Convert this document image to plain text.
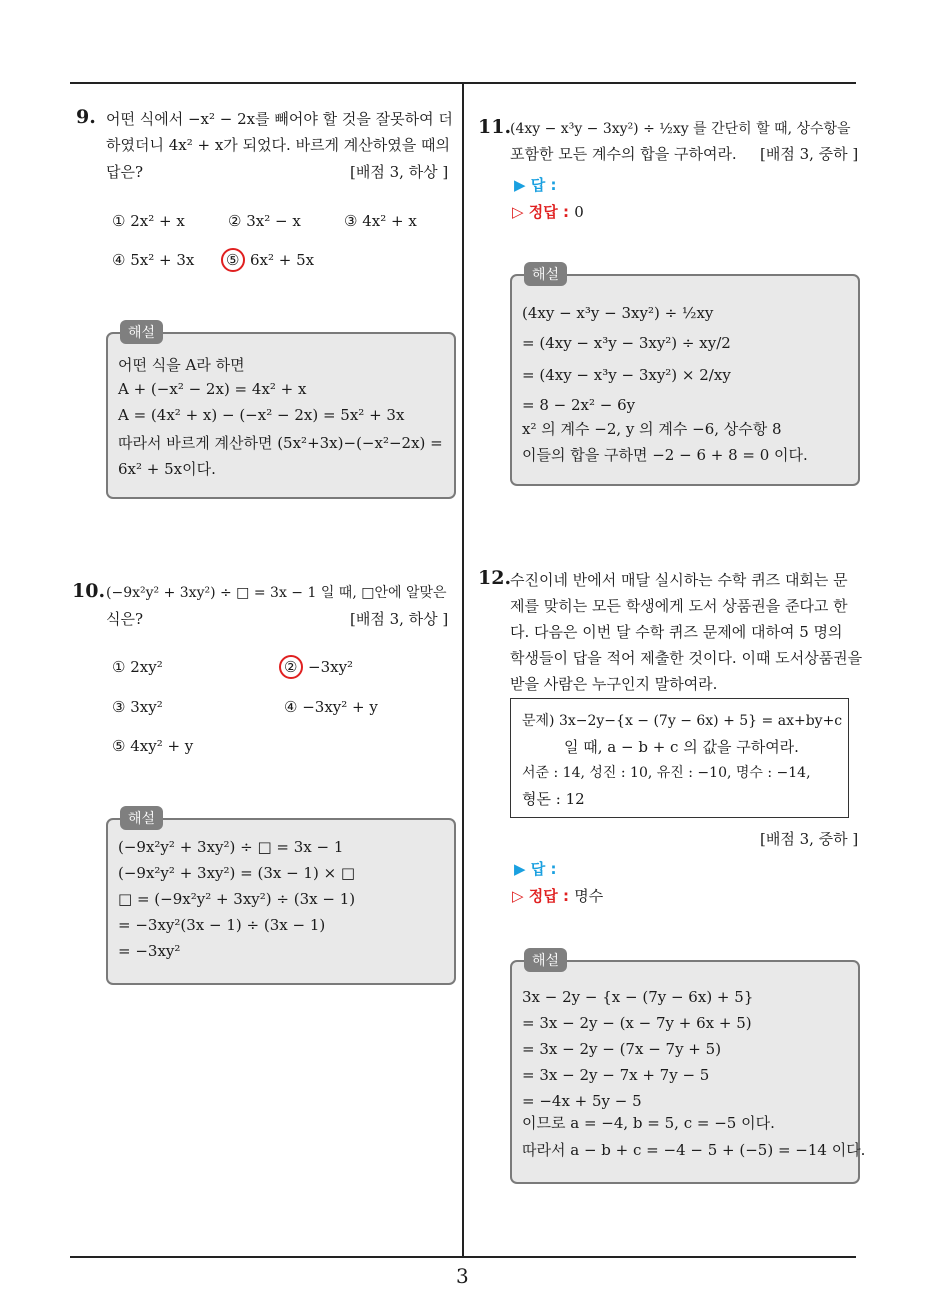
3
9. 어떤 식에서 −x² − 2x를 빼어야 할 것을 잘못하여 더
하였더니 4x² + x가 되었다. 바르게 계산하였을 때의
답은?	[배점 3, 하상 ]
① 2x² + x	② 3x² − x	③ 4x² + x
④ 5x² + 3x ⑤ 6x² + 5x
해설
어떤 식을 A라 하면
A + (−x² − 2x) = 4x² + x
A = (4x² + x) − (−x² − 2x) = 5x² + 3x
따라서 바르게 계산하면 (5x²+3x)−(−x²−2x) =
6x² + 5x이다.
10. (−9x²y² + 3xy²) ÷ □ = 3x − 1 일 때, □안에 알맞은
식은?	[배점 3, 하상 ]
① 2xy²	② −3xy²
③ 3xy²	④ −3xy² + y
⑤ 4xy² + y
해설
(−9x²y² + 3xy²) ÷ □ = 3x − 1
(−9x²y² + 3xy²) = (3x − 1) × □
□ = (−9x²y² + 3xy²) ÷ (3x − 1)
= −3xy²(3x − 1) ÷ (3x − 1)
= −3xy²
11.
(4xy − x³y − 3xy²) ÷ ½xy 를 간단히 할 때, 상수항을
포함한 모든 계수의 합을 구하여라. [배점 3, 중하 ]
▶ 답 :
▷ 정답 : 0
해설
(4xy − x³y − 3xy²) ÷ ½xy
= (4xy − x³y − 3xy²) ÷ xy/2
= (4xy − x³y − 3xy²) × 2/xy
= 8 − 2x² − 6y
x² 의 계수 −2, y 의 계수 −6, 상수항 8
이들의 합을 구하면 −2 − 6 + 8 = 0 이다.
12.
수진이네 반에서 매달 실시하는 수학 퀴즈 대회는 문
제를 맞히는 모든 학생에게 도서 상품권을 준다고 한
다. 다음은 이번 달 수학 퀴즈 문제에 대하여 5 명의
학생들이 답을 적어 제출한 것이다. 이때 도서상품권을
받을 사람은 누구인지 말하여라.
문제) 3x−2y−{x − (7y − 6x) + 5} = ax+by+c
일 때, a − b + c 의 값을 구하여라.
서준 : 14, 성진 : 10, 유진 : −10, 명수 : −14,
형돈 : 12
[배점 3, 중하 ]
▶ 답 :
▷ 정답 : 명수
해설
3x − 2y − {x − (7y − 6x) + 5}
= 3x − 2y − (x − 7y + 6x + 5)
= 3x − 2y − (7x − 7y + 5)
= 3x − 2y − 7x + 7y − 5
= −4x + 5y − 5
이므로 a = −4, b = 5, c = −5 이다.
따라서 a − b + c = −4 − 5 + (−5) = −14 이다.
